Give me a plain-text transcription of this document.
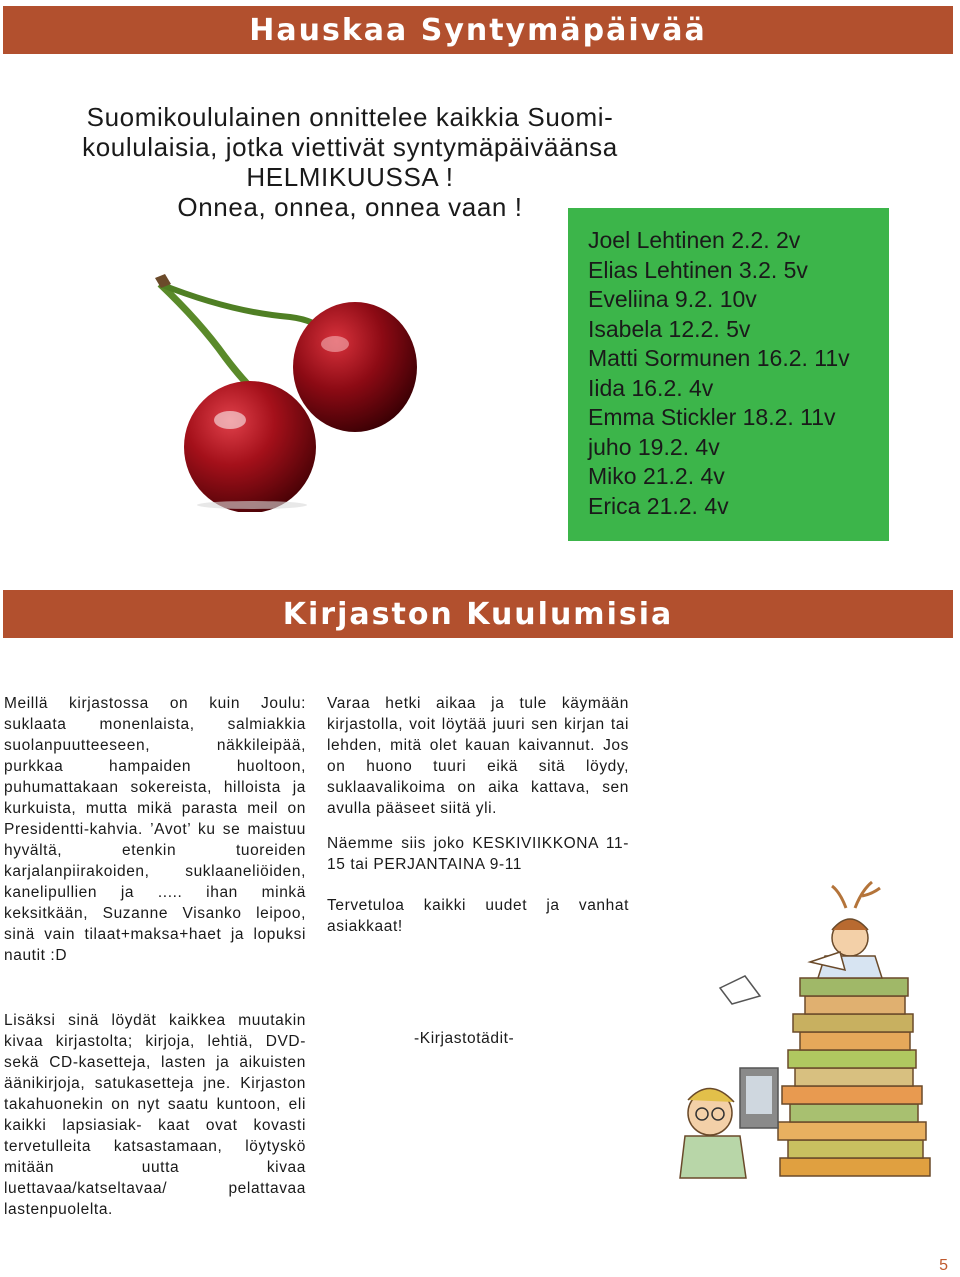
Hauskaa Syntymäpäivää
Suomikoululainen onnittelee kaikkia Suomi-
koululaisia, jotka viettivät syntymäpäiväänsa
HELMIKUUSSA !
Onnea, onnea, onnea vaan !
Joel Lehtinen 2.2. 2v
Elias Lehtinen 3.2. 5v
Eveliina 9.2. 10v
Isabela 12.2. 5v
Matti Sormunen 16.2. 11v
Iida 16.2. 4v
Emma Stickler 18.2. 11v
juho 19.2. 4v
Miko 21.2. 4v
Erica 21.2. 4v
Kirjaston Kuulumisia

Meillä kirjastossa on kuin Joulu: suklaata monenlaista, salmiakkia suolanpuutteeseen, näkkileipää, purkkaa hampaiden huoltoon, puhumattakaan sokereista, hilloista ja kurkuista, mutta mikä parasta meil on Presidentti-kahvia. ’Avot’ ku se maistuu hyvältä, etenkin tuoreiden karjalanpiirakoiden, suklaaneliöiden, kanelipullien ja ..... ihan minkä keksitkään, Suzanne Visanko leipoo, sinä vain tilaat+maksa+haet ja lopuksi nautit :D

Lisäksi sinä löydät kaikkea muutakin kivaa kirjastolta; kirjoja, lehtiä, DVD- sekä CD-kasetteja, lasten ja aikuisten äänikirjoja, satukasetteja jne. Kirjaston takahuonekin on nyt saatu kuntoon, eli kaikki lapsiasiak- kaat ovat kovasti tervetulleita katsastamaan, löytyskö mitään uutta kivaa luettavaa/katseltavaa/ pelattavaa lastenpuolelta.

Varaa hetki aikaa ja tule käymään kirjastolla, voit löytää juuri sen kirjan tai lehden, mitä olet kauan kaivannut. Jos on huono tuuri eikä sitä löydy, suklaavalikoima on aika kattava, sen avulla pääseet siitä yli.

Näemme siis joko KESKIVIIKKONA 11-15 tai PERJANTAINA 9-11

Tervetuloa kaikki uudet ja vanhat asiakkaat!

-Kirjastotädit-
5
